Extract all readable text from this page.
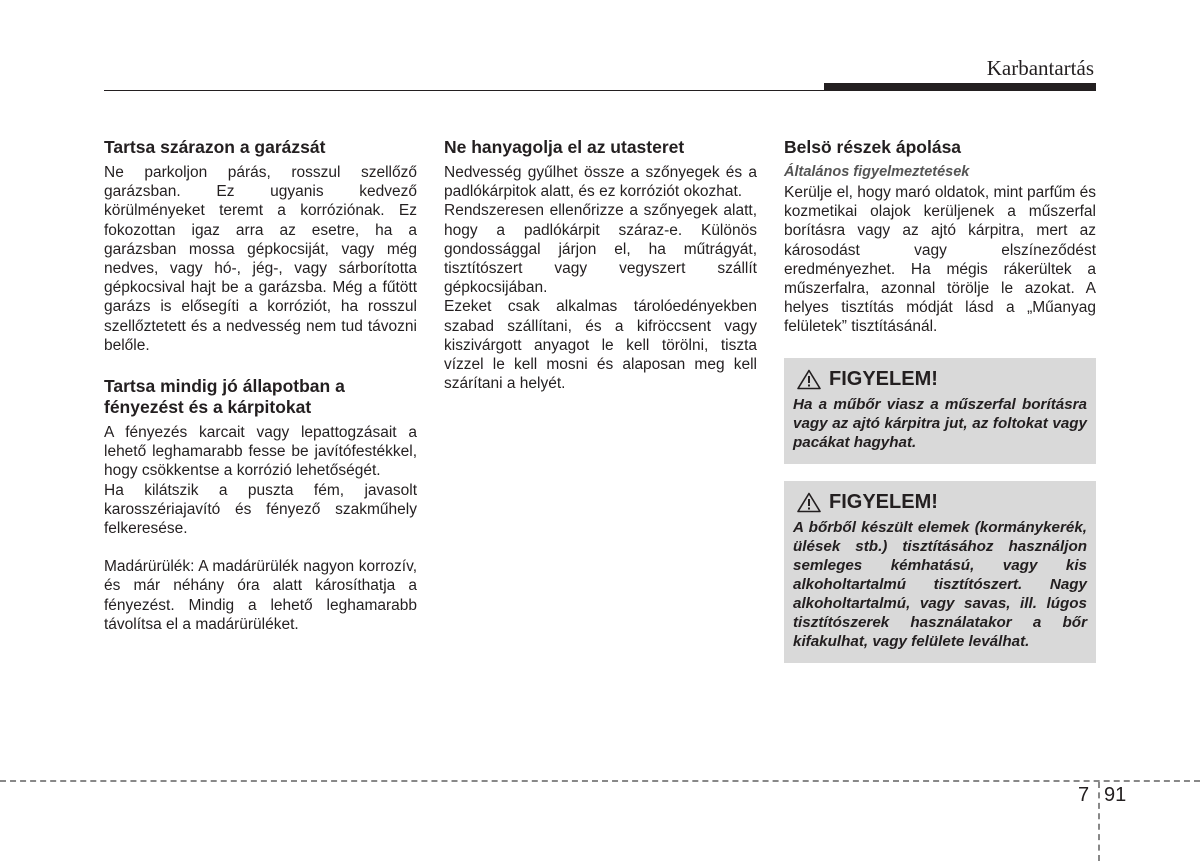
Karbantartás
Tartsa szárazon a garázsát

Ne parkoljon párás, rosszul szellőző garázsban. Ez ugyanis kedvező körülményeket teremt a korróziónak. Ez fokozottan igaz arra az esetre, ha a garázsban mossa gépkocsiját, vagy még nedves, vagy hó-, jég-, vagy sárborította gépkocsival hajt be a garázsba. Még a fűtött garázs is elősegíti a korróziót, ha rosszul szellőztetett és a nedvesség nem tud távozni belőle.

Tartsa mindig jó állapotban a fényezést és a kárpitokat

A fényezés karcait vagy lepattogzásait a lehető leghamarabb fesse be javítófestékkel, hogy csökkentse a korrózió lehetőségét.

Ha kilátszik a puszta fém, javasolt karosszériajavító és fényező szakműhely felkeresése.

Madárürülék: A madárürülék nagyon korrozív, és már néhány óra alatt károsíthatja a fényezést. Mindig a lehető leghamarabb távolítsa el a madárürüléket.

Ne hanyagolja el az utasteret

Nedvesség gyűlhet össze a szőnyegek és a padlókárpitok alatt, és ez korróziót okozhat.

Rendszeresen ellenőrizze a szőnyegek alatt, hogy a padlókárpit száraz-e. Különös gondossággal járjon el, ha műtrágyát, tisztítószert vagy vegyszert szállít gépkocsijában.

Ezeket csak alkalmas tárolóedényekben szabad szállítani, és a kifröccsent vagy kiszivárgott anyagot le kell törölni, tiszta vízzel le kell mosni és alaposan meg kell szárítani a helyét.

Belsö részek ápolása
Általános figyelmeztetések

Kerülje el, hogy maró oldatok, mint parfűm és kozmetikai olajok kerüljenek a műszerfal borításra vagy az ajtó kárpitra, mert az károsodást vagy elszíneződést eredményezhet. Ha mégis rákerültek a műszerfalra, azonnal törölje le azokat. A helyes tisztítás módját lásd a „Műanyag felületek” tisztításánál.

FIGYELEM!
Ha a műbőr viasz a műszerfal borításra vagy az ajtó kárpitra jut, az foltokat vagy pacákat hagyhat.
FIGYELEM!
A bőrből készült elemek (kormánykerék, ülések stb.) tisztításához használjon semleges kémhatású, vagy kis alkoholtartalmú tisztítószert. Nagy alkoholtartalmú, vagy savas, ill. lúgos tisztítószerek használatakor a bőr kifakulhat, vagy felülete leválhat.
7 91
